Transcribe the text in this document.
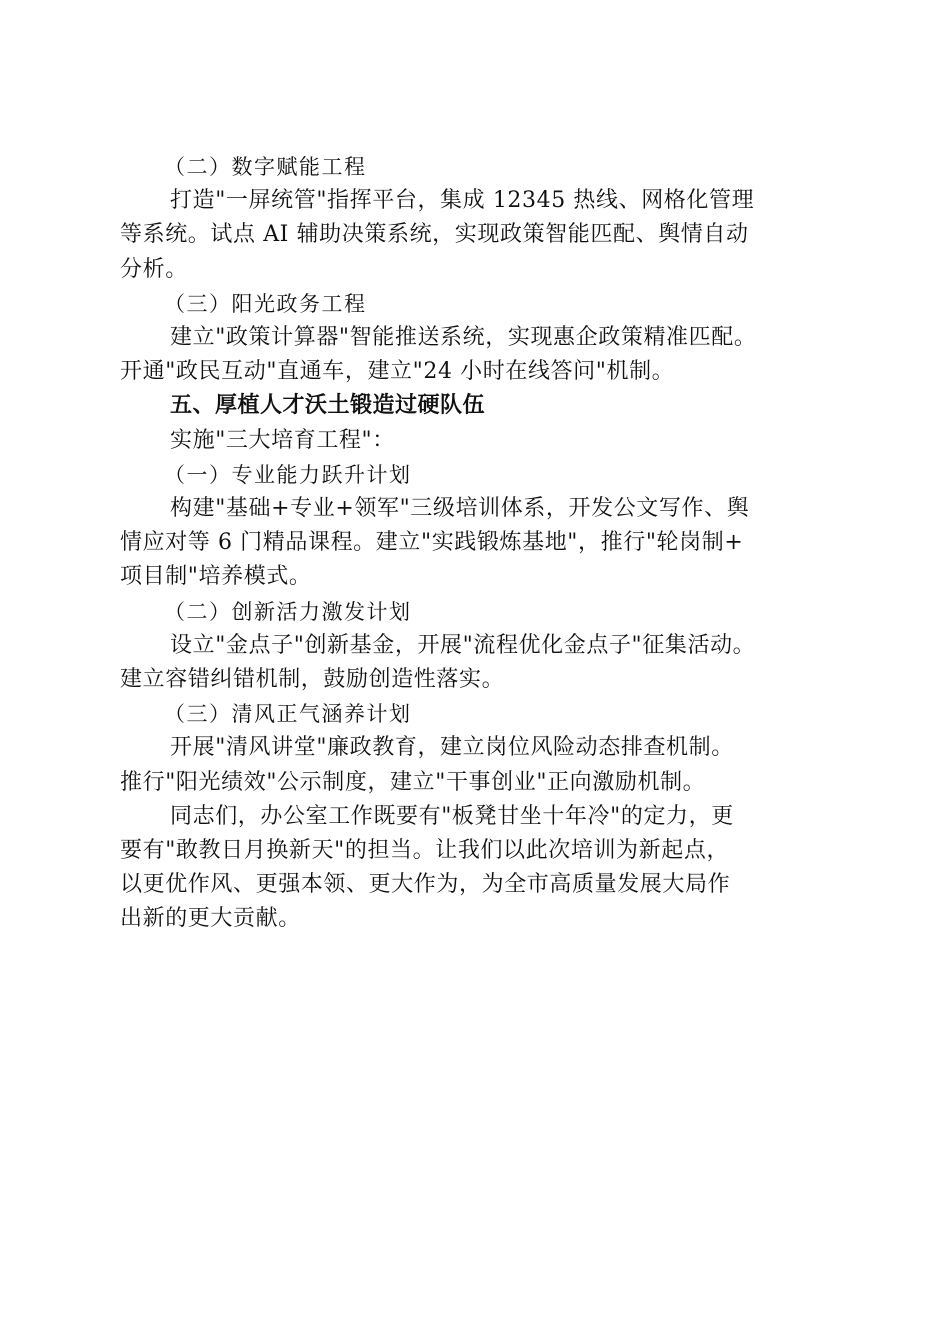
（二）数字赋能工程

打造"一屏统管"指挥平台，集成 12345 热线、网格化管理

等系统。试点 AI 辅助决策系统，实现政策智能匹配、舆情自动

分析。

（三）阳光政务工程

建立"政策计算器"智能推送系统，实现惠企政策精准匹配。

开通"政民互动"直通车，建立"24 小时在线答问"机制。

五、厚植人才沃土锻造过硬队伍

实施"三大培育工程"：

（一）专业能力跃升计划

构建"基础+专业+领军"三级培训体系，开发公文写作、舆

情应对等 6 门精品课程。建立"实践锻炼基地"，推行"轮岗制+

项目制"培养模式。

（二）创新活力激发计划

设立"金点子"创新基金，开展"流程优化金点子"征集活动。

建立容错纠错机制，鼓励创造性落实。

（三）清风正气涵养计划

开展"清风讲堂"廉政教育，建立岗位风险动态排查机制。

推行"阳光绩效"公示制度，建立"干事创业"正向激励机制。

同志们，办公室工作既要有"板凳甘坐十年冷"的定力，更

要有"敢教日月换新天"的担当。让我们以此次培训为新起点，

以更优作风、更强本领、更大作为，为全市高质量发展大局作

出新的更大贡献。
